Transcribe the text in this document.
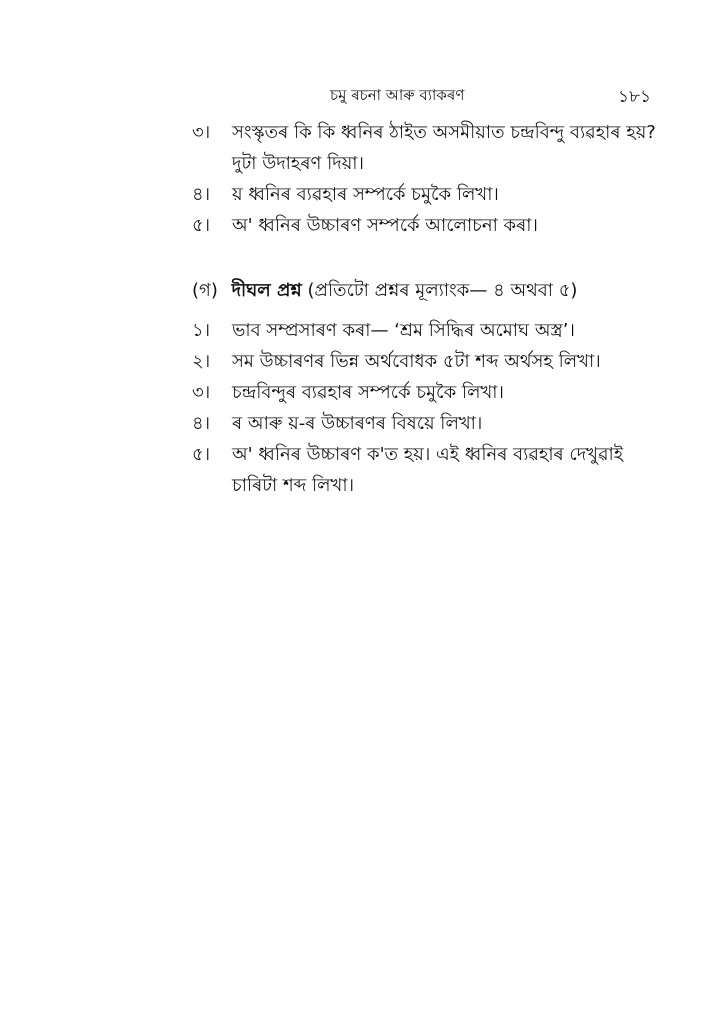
চমু ৰচনা আৰু ব্যাকৰণ	১৮১
৩। সংস্কৃতৰ কি কি ধ্বনিৰ ঠাইত অসমীয়াত চন্দ্ৰবিন্দু ব্যৱহাৰ হয়? দুটা উদাহৰণ দিয়া।
৪। য় ধ্বনিৰ ব্যৱহাৰ সম্পৰ্কে চমুকৈ লিখা।
৫। অ' ধ্বনিৰ উচ্চাৰণ সম্পৰ্কে আলোচনা কৰা।
(গ) দীঘল প্ৰশ্ন (প্ৰতিটো প্ৰশ্নৰ মূল্যাংক— ৪ অথবা ৫)
১। ভাব সম্প্ৰসাৰণ কৰা— ‘শ্ৰম সিদ্ধিৰ অমোঘ অস্ত্ৰ’।
২। সম উচ্চাৰণৰ ভিন্ন অৰ্থবোধক ৫টা শব্দ অৰ্থসহ লিখা।
৩। চন্দ্ৰবিন্দুৰ ব্যৱহাৰ সম্পৰ্কে চমুকৈ লিখা।
৪। ৰ আৰু য়-ৰ উচ্চাৰণৰ বিষয়ে লিখা।
৫। অ' ধ্বনিৰ উচ্চাৰণ ক'ত হয়। এই ধ্বনিৰ ব্যৱহাৰ দেখুৱাই চাৰিটা শব্দ লিখা।
